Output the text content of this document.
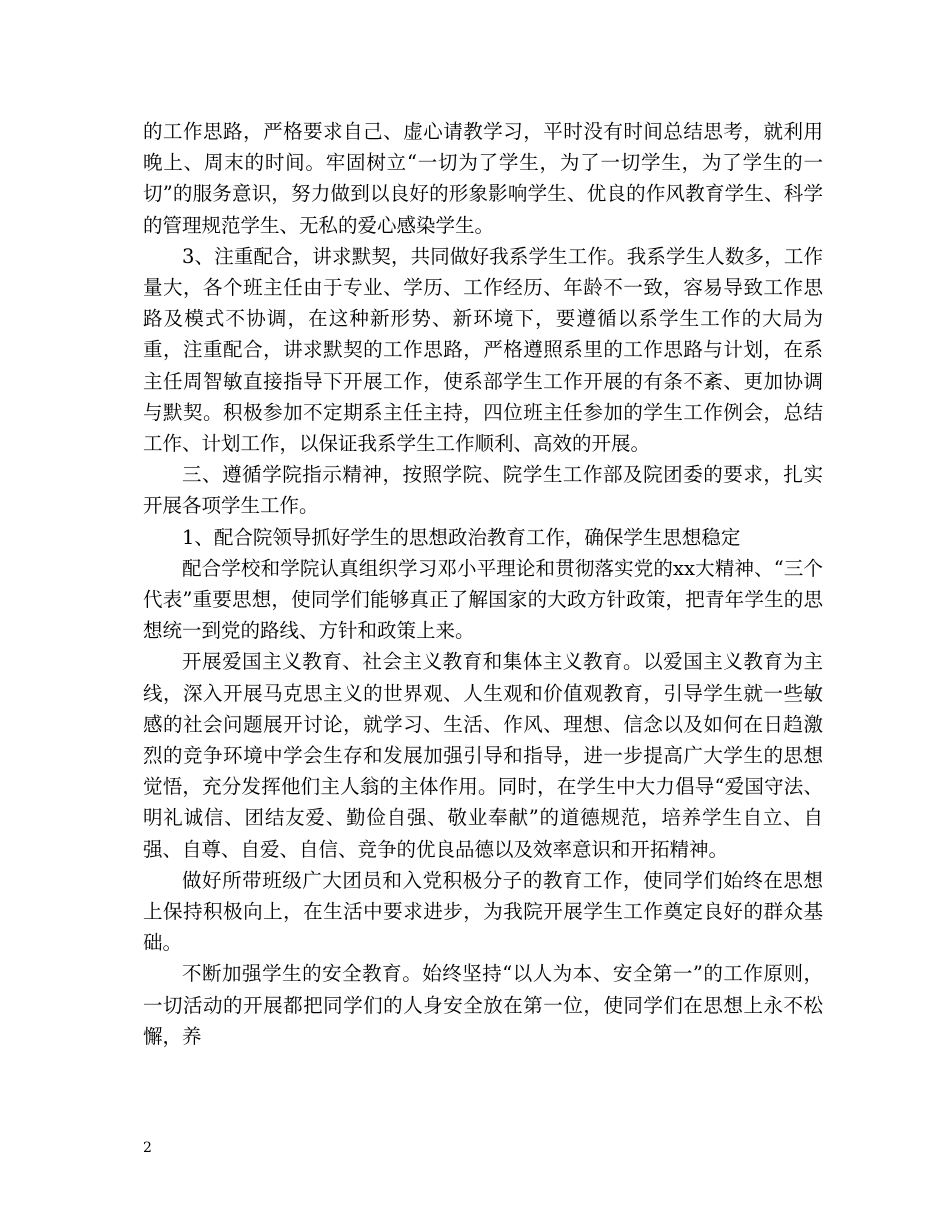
的工作思路，严格要求自己、虚心请教学习，平时没有时间总结思考，就利用晚上、周末的时间。牢固树立“一切为了学生，为了一切学生，为了学生的一切”的服务意识，努力做到以良好的形象影响学生、优良的作风教育学生、科学的管理规范学生、无私的爱心感染学生。

3、注重配合，讲求默契，共同做好我系学生工作。我系学生人数多，工作量大，各个班主任由于专业、学历、工作经历、年龄不一致，容易导致工作思路及模式不协调，在这种新形势、新环境下，要遵循以系学生工作的大局为重，注重配合，讲求默契的工作思路，严格遵照系里的工作思路与计划，在系主任周智敏直接指导下开展工作，使系部学生工作开展的有条不紊、更加协调与默契。积极参加不定期系主任主持，四位班主任参加的学生工作例会，总结工作、计划工作，以保证我系学生工作顺利、高效的开展。

三、遵循学院指示精神，按照学院、院学生工作部及院团委的要求，扎实开展各项学生工作。

1、配合院领导抓好学生的思想政治教育工作，确保学生思想稳定

配合学校和学院认真组织学习邓小平理论和贯彻落实党的xx大精神、“三个代表”重要思想，使同学们能够真正了解国家的大政方针政策，把青年学生的思想统一到党的路线、方针和政策上来。

开展爱国主义教育、社会主义教育和集体主义教育。以爱国主义教育为主线，深入开展马克思主义的世界观、人生观和价值观教育，引导学生就一些敏感的社会问题展开讨论，就学习、生活、作风、理想、信念以及如何在日趋激烈的竞争环境中学会生存和发展加强引导和指导，进一步提高广大学生的思想觉悟，充分发挥他们主人翁的主体作用。同时，在学生中大力倡导“爱国守法、明礼诚信、团结友爱、勤俭自强、敬业奉献”的道德规范，培养学生自立、自强、自尊、自爱、自信、竞争的优良品德以及效率意识和开拓精神。

做好所带班级广大团员和入党积极分子的教育工作，使同学们始终在思想上保持积极向上，在生活中要求进步，为我院开展学生工作奠定良好的群众基础。

不断加强学生的安全教育。始终坚持“以人为本、安全第一”的工作原则，一切活动的开展都把同学们的人身安全放在第一位，使同学们在思想上永不松懈，养

2
